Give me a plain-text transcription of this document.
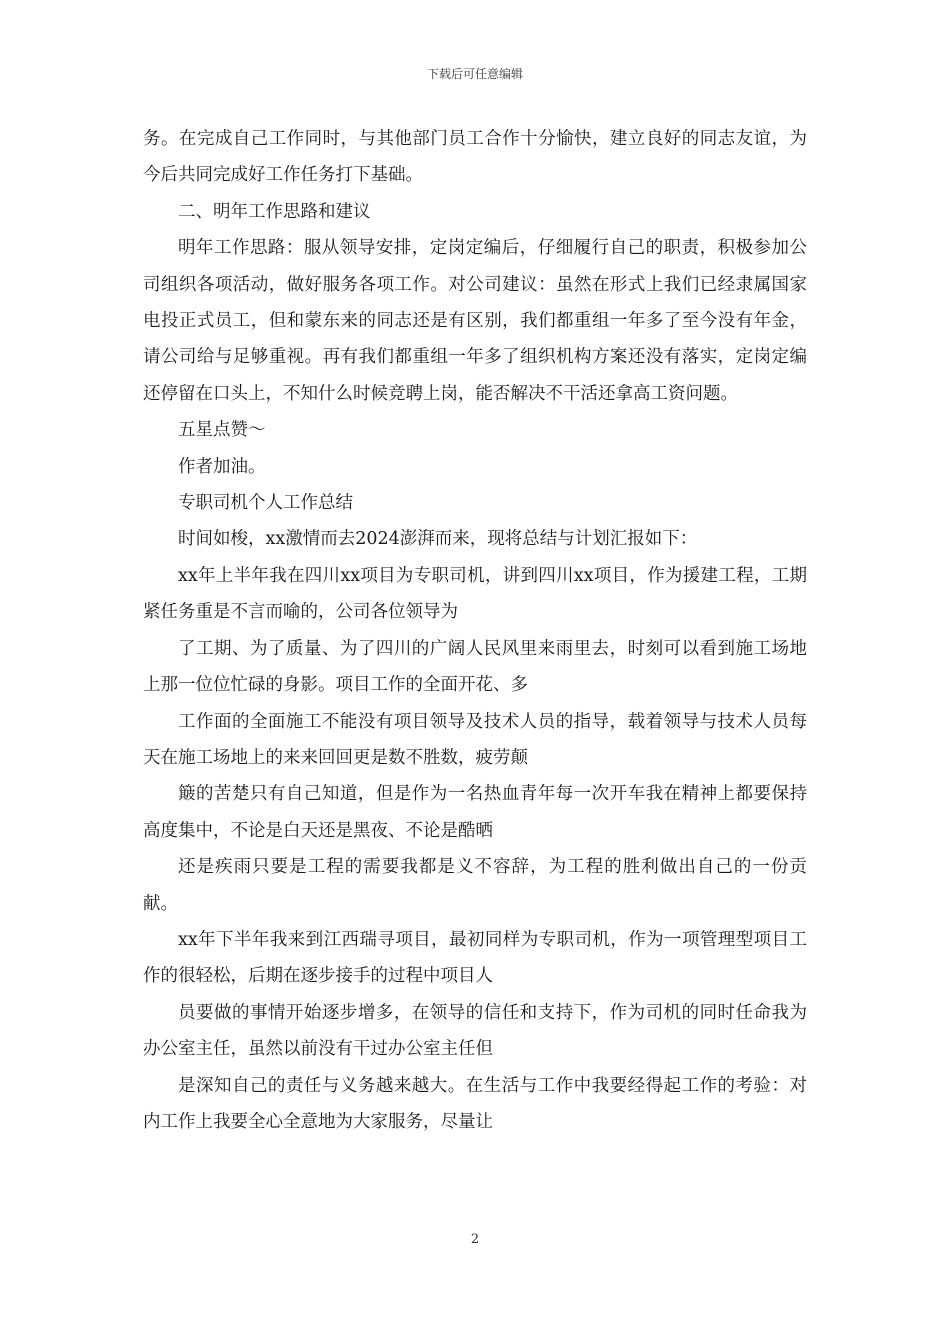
下载后可任意编辑

务。在完成自己工作同时，与其他部门员工合作十分愉快，建立良好的同志友谊，为今后共同完成好工作任务打下基础。

二、明年工作思路和建议

明年工作思路：服从领导安排，定岗定编后，仔细履行自己的职责，积极参加公司组织各项活动，做好服务各项工作。对公司建议：虽然在形式上我们已经隶属国家电投正式员工，但和蒙东来的同志还是有区别，我们都重组一年多了至今没有年金，请公司给与足够重视。再有我们都重组一年多了组织机构方案还没有落实，定岗定编还停留在口头上，不知什么时候竞聘上岗，能否解决不干活还拿高工资问题。

五星点赞～

作者加油。

专职司机个人工作总结

时间如梭，xx激情而去2024澎湃而来，现将总结与计划汇报如下：

xx年上半年我在四川xx项目为专职司机，讲到四川xx项目，作为援建工程，工期紧任务重是不言而喻的，公司各位领导为

了工期、为了质量、为了四川的广阔人民风里来雨里去，时刻可以看到施工场地上那一位位忙碌的身影。项目工作的全面开花、多

工作面的全面施工不能没有项目领导及技术人员的指导，载着领导与技术人员每天在施工场地上的来来回回更是数不胜数，疲劳颠

簸的苦楚只有自己知道，但是作为一名热血青年每一次开车我在精神上都要保持高度集中，不论是白天还是黑夜、不论是酷晒

还是疾雨只要是工程的需要我都是义不容辞，为工程的胜利做出自己的一份贡献。

xx年下半年我来到江西瑞寻项目，最初同样为专职司机，作为一项管理型项目工作的很轻松，后期在逐步接手的过程中项目人

员要做的事情开始逐步增多，在领导的信任和支持下，作为司机的同时任命我为办公室主任，虽然以前没有干过办公室主任但

是深知自己的责任与义务越来越大。在生活与工作中我要经得起工作的考验：对内工作上我要全心全意地为大家服务，尽量让

2
